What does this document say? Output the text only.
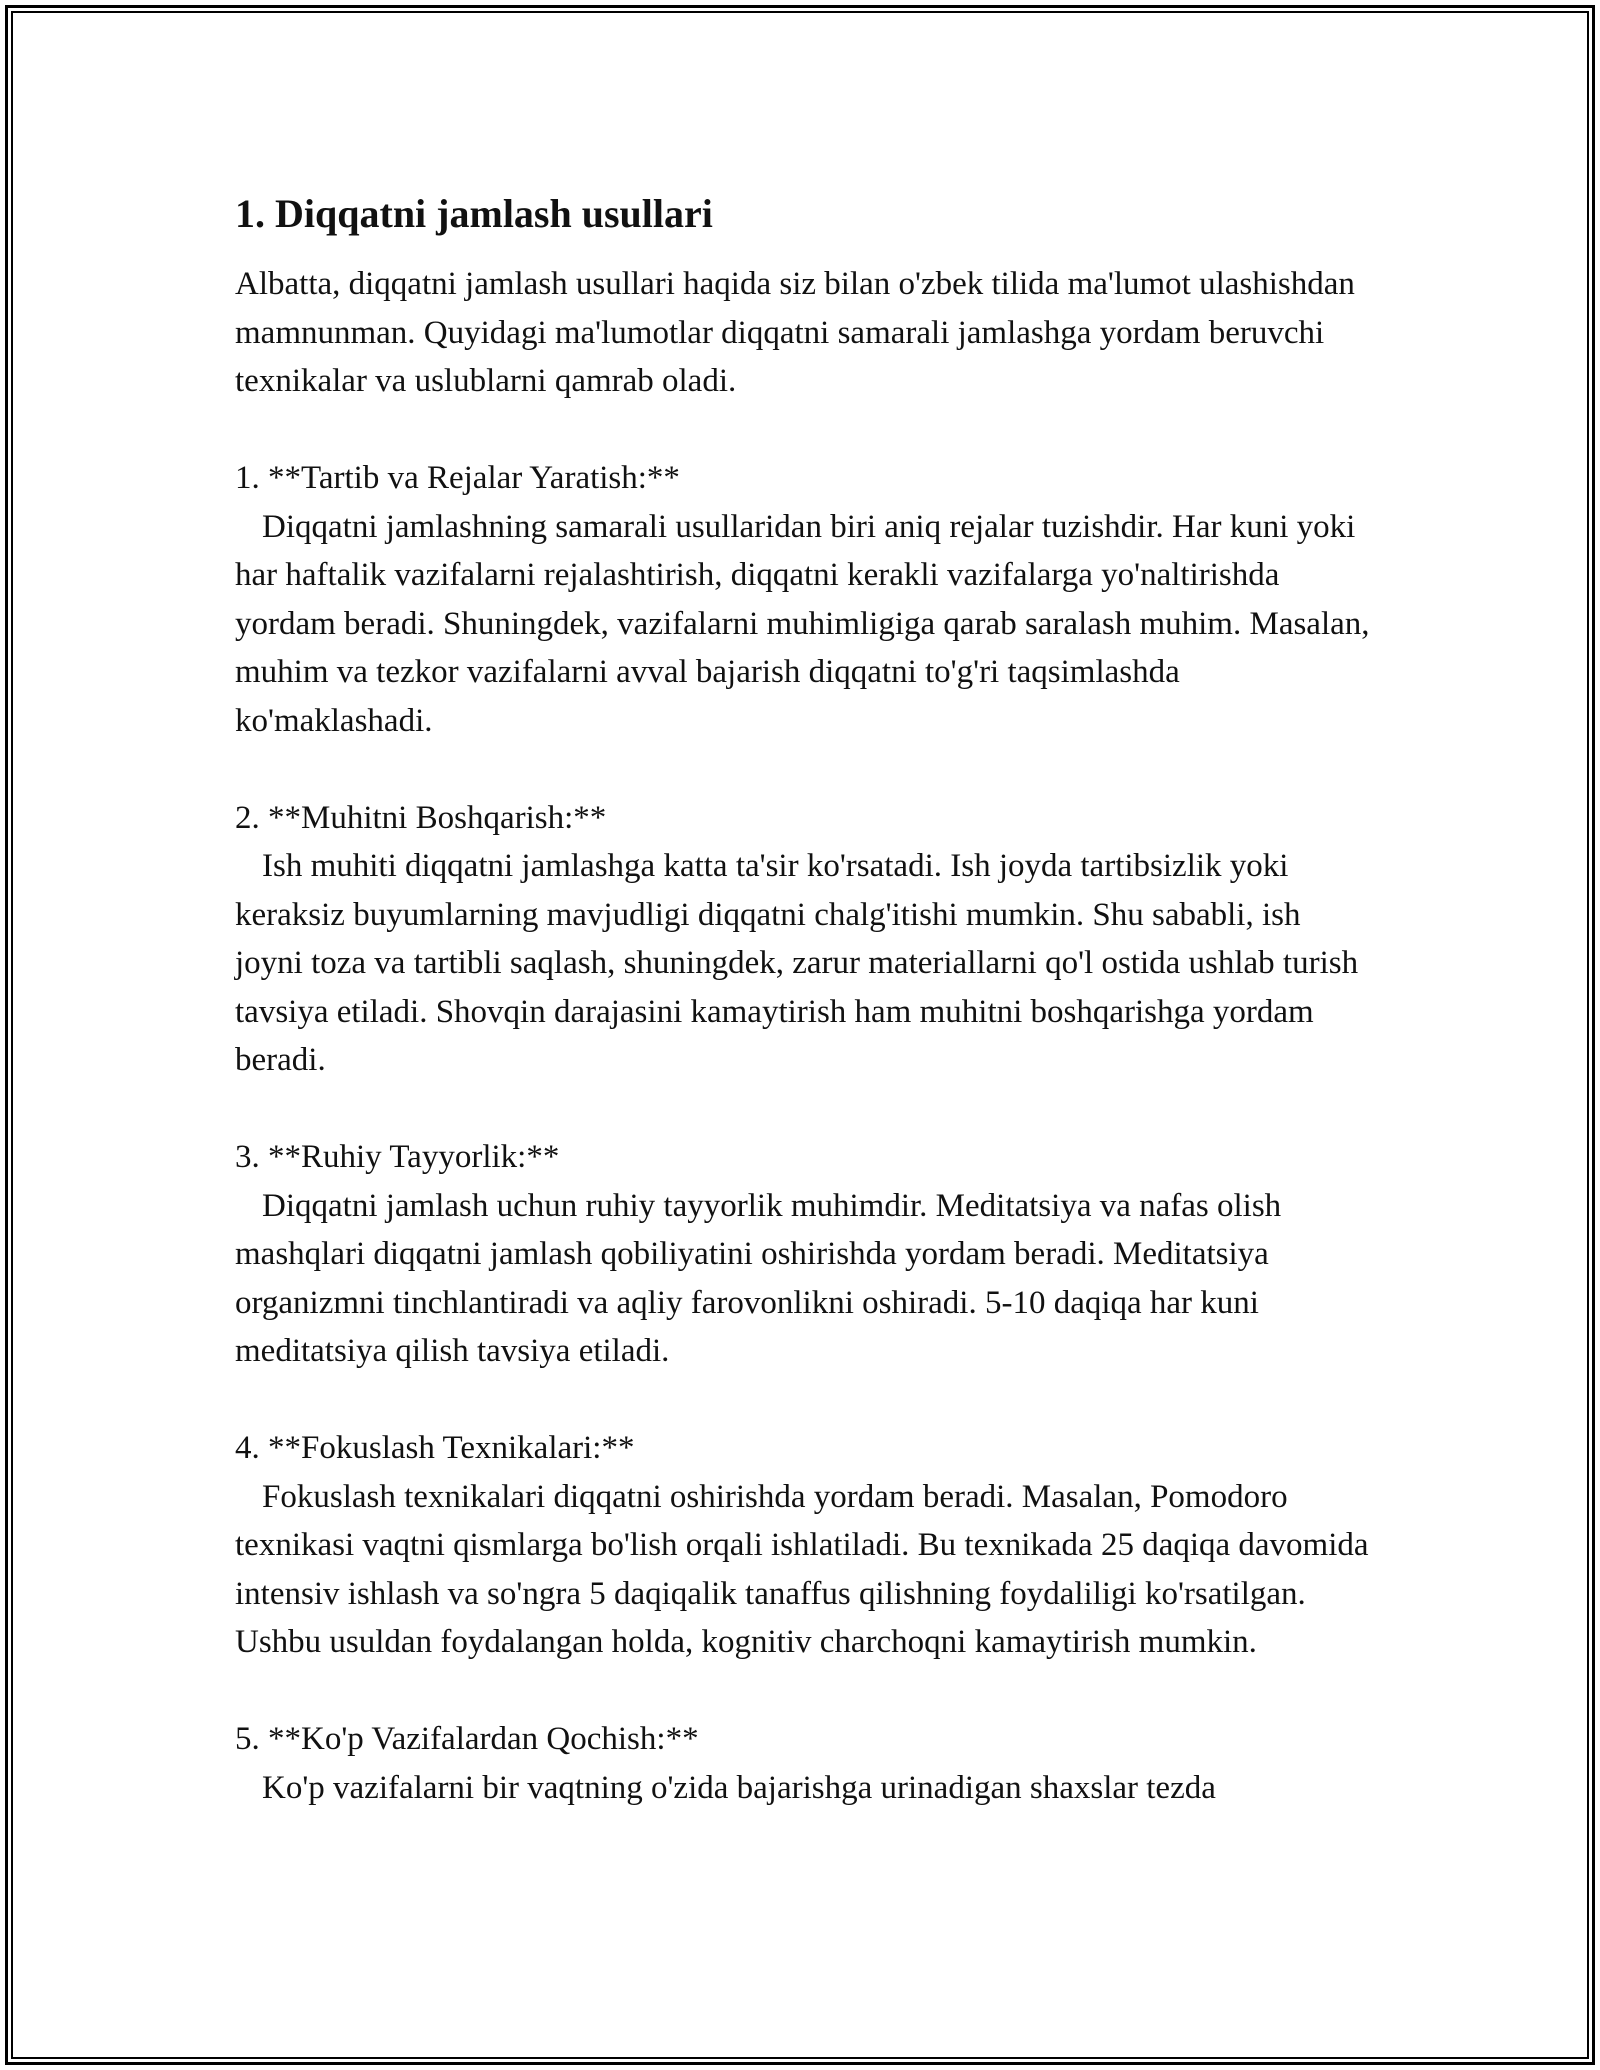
1. Diqqatni jamlash usullari

Albatta, diqqatni jamlash usullari haqida siz bilan o'zbek tilida ma'lumot ulashishdan mamnunman. Quyidagi ma'lumotlar diqqatni samarali jamlashga yordam beruvchi texnikalar va uslublarni qamrab oladi.

1. **Tartib va Rejalar Yaratish:**

Diqqatni jamlashning samarali usullaridan biri aniq rejalar tuzishdir. Har kuni yoki har haftalik vazifalarni rejalashtirish, diqqatni kerakli vazifalarga yo'naltirishda yordam beradi. Shuningdek, vazifalarni muhimligiga qarab saralash muhim. Masalan, muhim va tezkor vazifalarni avval bajarish diqqatni to'g'ri taqsimlashda ko'maklashadi.

2. **Muhitni Boshqarish:**

Ish muhiti diqqatni jamlashga katta ta'sir ko'rsatadi. Ish joyda tartibsizlik yoki keraksiz buyumlarning mavjudligi diqqatni chalg'itishi mumkin. Shu sababli, ish joyni toza va tartibli saqlash, shuningdek, zarur materiallarni qo'l ostida ushlab turish tavsiya etiladi. Shovqin darajasini kamaytirish ham muhitni boshqarishga yordam beradi.

3. **Ruhiy Tayyorlik:**

Diqqatni jamlash uchun ruhiy tayyorlik muhimdir. Meditatsiya va nafas olish mashqlari diqqatni jamlash qobiliyatini oshirishda yordam beradi. Meditatsiya organizmni tinchlantiradi va aqliy farovonlikni oshiradi. 5-10 daqiqa har kuni meditatsiya qilish tavsiya etiladi.

4. **Fokuslash Texnikalari:**

Fokuslash texnikalari diqqatni oshirishda yordam beradi. Masalan, Pomodoro texnikasi vaqtni qismlarga bo'lish orqali ishlatiladi. Bu texnikada 25 daqiqa davomida intensiv ishlash va so'ngra 5 daqiqalik tanaffus qilishning foydaliligi ko'rsatilgan. Ushbu usuldan foydalangan holda, kognitiv charchoqni kamaytirish mumkin.

5. **Ko'p Vazifalardan Qochish:**

Ko'p vazifalarni bir vaqtning o'zida bajarishga urinadigan shaxslar tezda
